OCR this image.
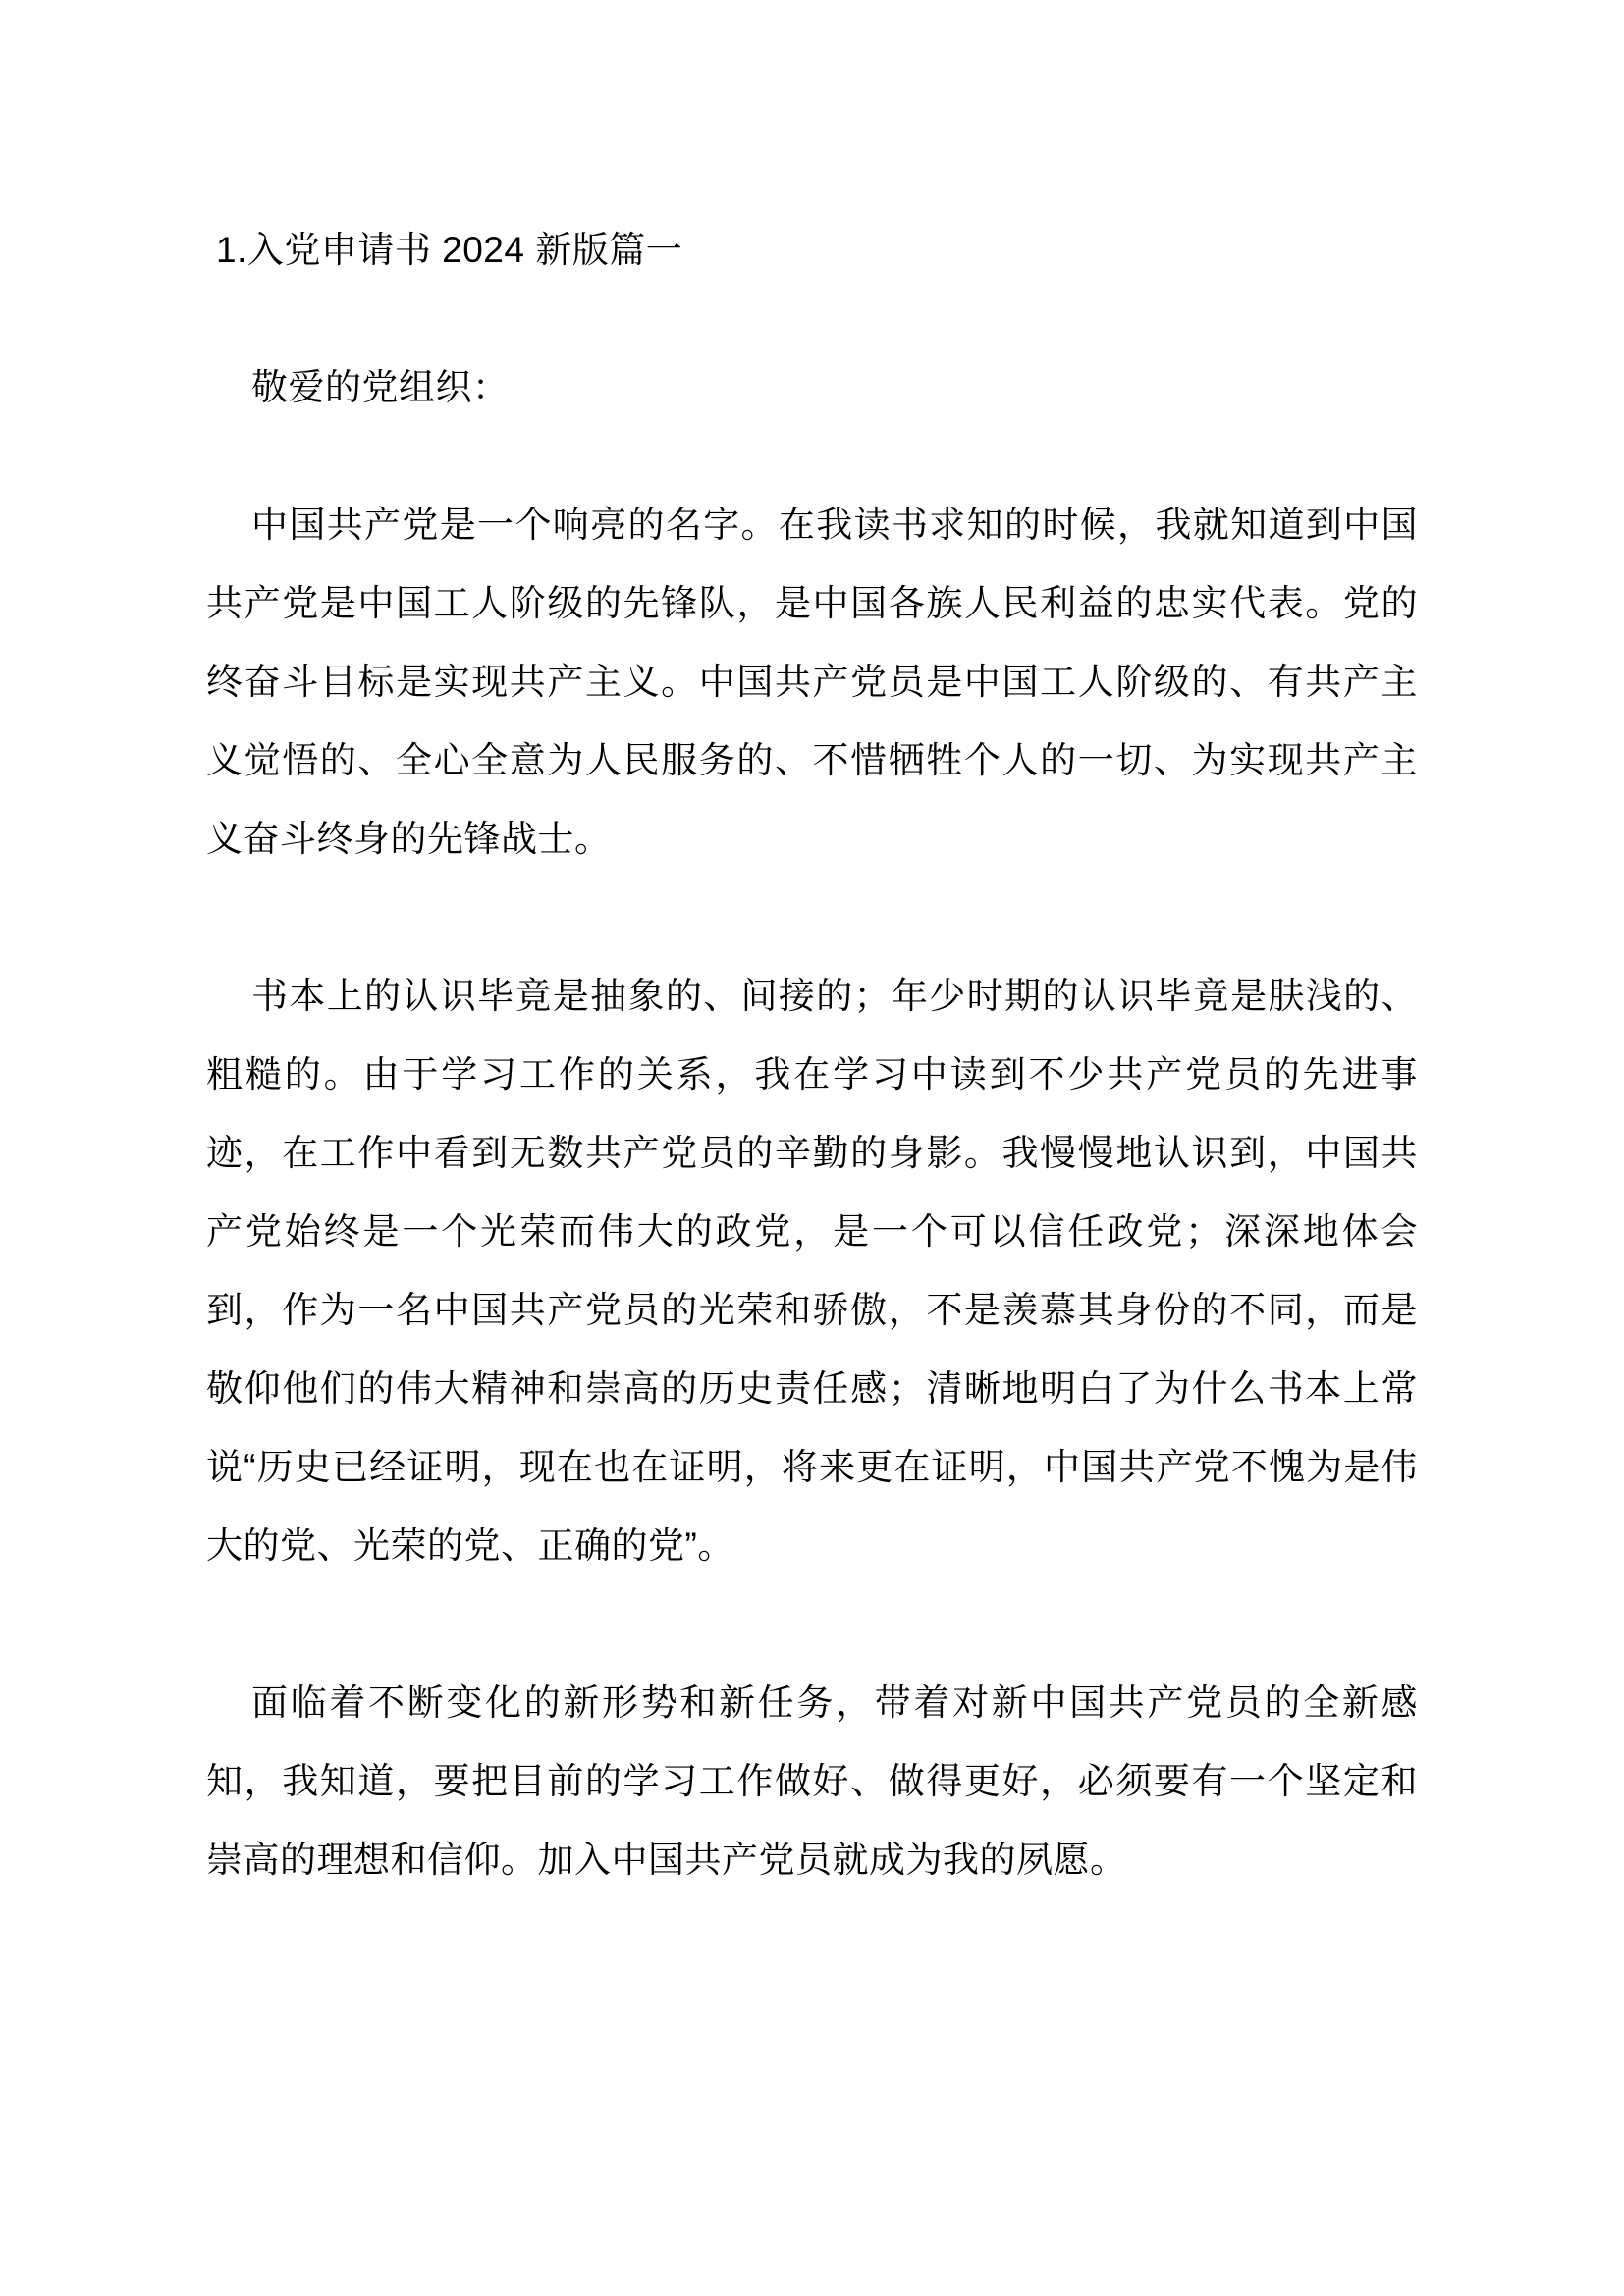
1.入党申请书 2024 新版篇一

敬爱的党组织：

中国共产党是一个响亮的名字。在我读书求知的时候，我就知道到中国共产党是中国工人阶级的先锋队，是中国各族人民利益的忠实代表。党的终奋斗目标是实现共产主义。中国共产党员是中国工人阶级的、有共产主义觉悟的、全心全意为人民服务的、不惜牺牲个人的一切、为实现共产主义奋斗终身的先锋战士。

书本上的认识毕竟是抽象的、间接的；年少时期的认识毕竟是肤浅的、粗糙的。由于学习工作的关系，我在学习中读到不少共产党员的先进事迹，在工作中看到无数共产党员的辛勤的身影。我慢慢地认识到，中国共产党始终是一个光荣而伟大的政党，是一个可以信任政党；深深地体会到，作为一名中国共产党员的光荣和骄傲，不是羡慕其身份的不同，而是敬仰他们的伟大精神和崇高的历史责任感；清晰地明白了为什么书本上常说“历史已经证明，现在也在证明，将来更在证明，中国共产党不愧为是伟大的党、光荣的党、正确的党”。

面临着不断变化的新形势和新任务，带着对新中国共产党员的全新感知，我知道，要把目前的学习工作做好、做得更好，必须要有一个坚定和崇高的理想和信仰。加入中国共产党员就成为我的夙愿。
